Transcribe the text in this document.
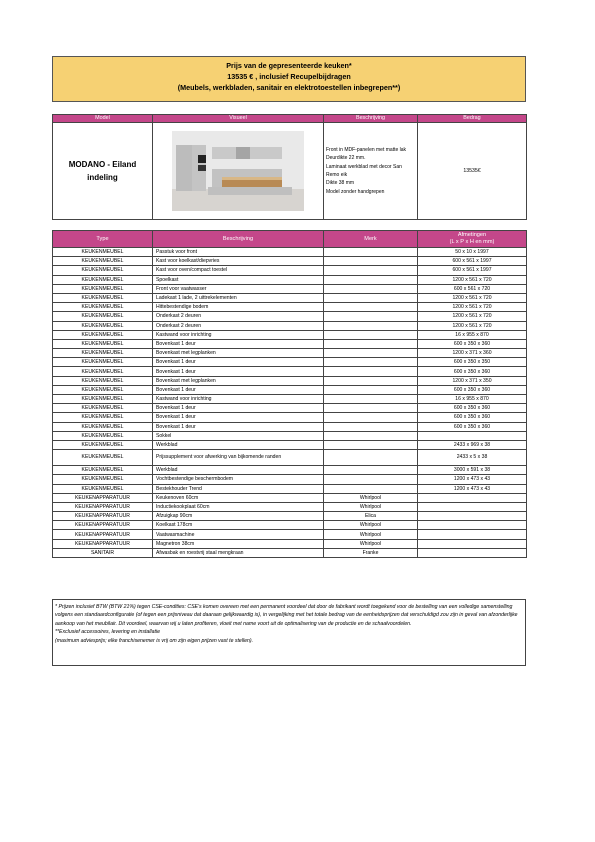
Prijs van de gepresenteerde keuken*
13535 € , inclusief Recupelbijdragen
(Meubels, werkbladen, sanitair en elektrotoestellen inbegrepen**)
Model	Visueel	Beschrijving	Bedrag
MODANO - Eiland indeling		Front in MDF-panelen met matte lak
Deurdikte 22 mm.
Laminaat werkblad met decor San Remo eik
Dikte 38 mm
Model zonder handgrepen	13535€
Type	Beschrijving	Merk	Afmetingen
(L x P x H en mm)
KEUKENMEUBEL	Passtuk voor front		50 x 10 x 1997
KEUKENMEUBEL	Kast voor koelkast/diepvries		600 x 561 x 1997
KEUKENMEUBEL	Kast voor oven/compact toestel		600 x 561 x 1997
KEUKENMEUBEL	Spoelkast		1200 x 561 x 720
KEUKENMEUBEL	Front voor vaatwasser		600 x 561 x 720
KEUKENMEUBEL	Ladekast 1 lade, 2 uittrekelementen		1200 x 561 x 720
KEUKENMEUBEL	Hittebestendige bodem		1200 x 561 x 720
KEUKENMEUBEL	Onderkast 2 deuren		1200 x 561 x 720
KEUKENMEUBEL	Onderkast 2 deuren		1200 x 561 x 720
KEUKENMEUBEL	Kastwand voor inrichting		16 x 955 x 870
KEUKENMEUBEL	Bovenkast 1 deur		600 x 350 x 360
KEUKENMEUBEL	Bovenkast met legplanken		1200 x 371 x 360
KEUKENMEUBEL	Bovenkast 1 deur		600 x 350 x 350
KEUKENMEUBEL	Bovenkast 1 deur		600 x 350 x 360
KEUKENMEUBEL	Bovenkast met legplanken		1200 x 371 x 350
KEUKENMEUBEL	Bovenkast 1 deur		600 x 350 x 360
KEUKENMEUBEL	Kastwand voor inrichting		16 x 955 x 870
KEUKENMEUBEL	Bovenkast 1 deur		600 x 350 x 360
KEUKENMEUBEL	Bovenkast 1 deur		600 x 350 x 360
KEUKENMEUBEL	Bovenkast 1 deur		600 x 350 x 360
KEUKENMEUBEL	Sokkel		
KEUKENMEUBEL	Werkblad		2433 x 969 x 38
KEUKENMEUBEL	Prijssupplement voor afwerking van bijkomende randen		2433 x 5 x 38
KEUKENMEUBEL	Werkblad		3000 x 591 x 38
KEUKENMEUBEL	Vochtbestendige beschermbodem		1200 x 473 x 43
KEUKENMEUBEL	Bestekhouder Trend		1200 x 473 x 43
KEUKENAPPARATUUR	Keukenoven 60cm	Whirlpool	
KEUKENAPPARATUUR	Inductiekookplaat 60cm	Whirlpool	
KEUKENAPPARATUUR	Afzuigkap 90cm	Elica	
KEUKENAPPARATUUR	Koelkast 178cm	Whirlpool	
KEUKENAPPARATUUR	Vaatwasmachine	Whirlpool	
KEUKENAPPARATUUR	Magnetron 38cm	Whirlpool	
SANITAIR	Afwasbak en roestvrij staal mengkraan	Franke	

* Prijzen inclusief BTW (BTW 21%) tegen CSE-condities: CSE's komen overeen met een permanent voordeel dat door de fabrikant wordt toegekend voor de bestelling van een volledige samenstelling volgens een standaardconfiguratie (of tegen een prijsniveau dat daaraan gelijkwaardig is), in vergelijking met het totale bedrag van de eenheidsprijzen dat verschuldigd zou zijn in geval van afzonderlijke aankoop van het meubilair. Dit voordeel, waarvan wij u laten profiteren, vloeit met name voort uit de optimalisering van de productie en de schaalvoordelen.

**Exclusief accessoires, levering en installatie

(maximum adviesprijs; elke franchisenemer is vrij om zijn eigen prijzen vast te stellen).
